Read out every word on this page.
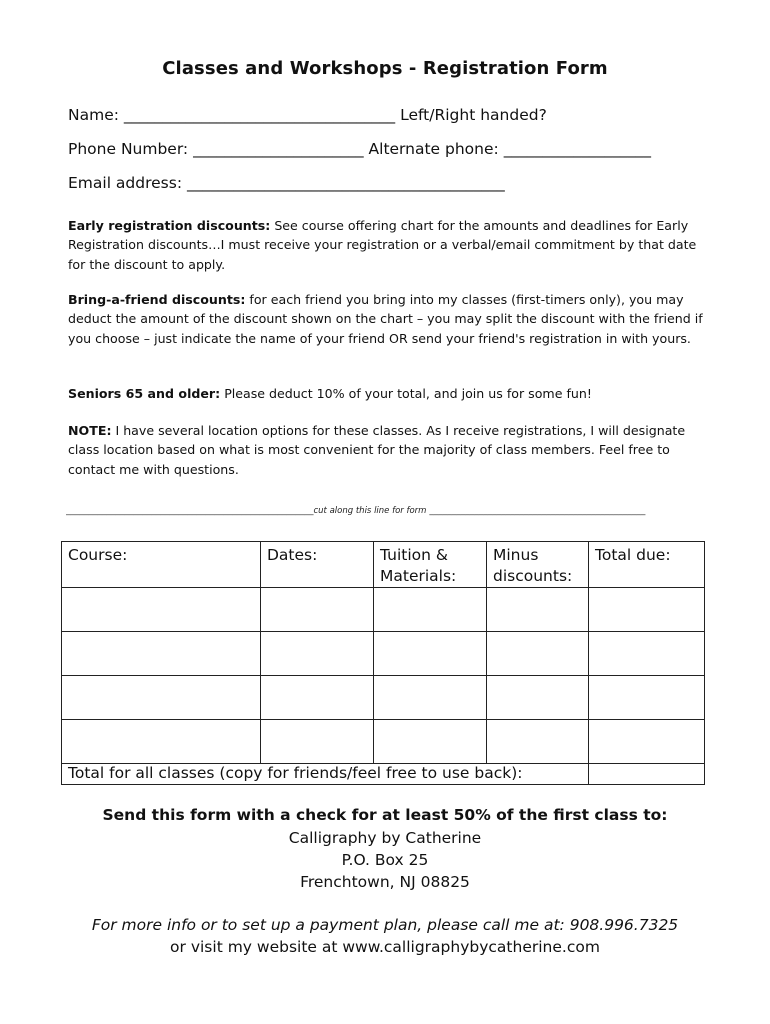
Classes and Workshops - Registration Form
Name: ___________________________________ Left/Right handed?
Phone Number: ______________________ Alternate phone: ___________________
Email address: _________________________________________
Early registration discounts: See course offering chart for the amounts and deadlines for Early Registration discounts…I must receive your registration or a verbal/email commitment by that date for the discount to apply.
Bring-a-friend discounts: for each friend you bring into my classes (first-timers only), you may deduct the amount of the discount shown on the chart – you may split the discount with the friend if you choose – just indicate the name of your friend OR send your friend's registration in with yours.
Seniors 65 and older: Please deduct 10% of your total, and join us for some fun!
NOTE: I have several location options for these classes. As I receive registrations, I will designate class location based on what is most convenient for the majority of class members. Feel free to contact me with questions.
_______________________________________________________cut along this line for form ________________________________________________
Course:	Dates:	Tuition & Materials:	Minus discounts:	Total due:

Total for all classes (copy for friends/feel free to use back):				
Send this form with a check for at least 50% of the first class to:
Calligraphy by Catherine
P.O. Box 25
Frenchtown, NJ 08825
For more info or to set up a payment plan, please call me at: 908.996.7325
or visit my website at www.calligraphybycatherine.com
